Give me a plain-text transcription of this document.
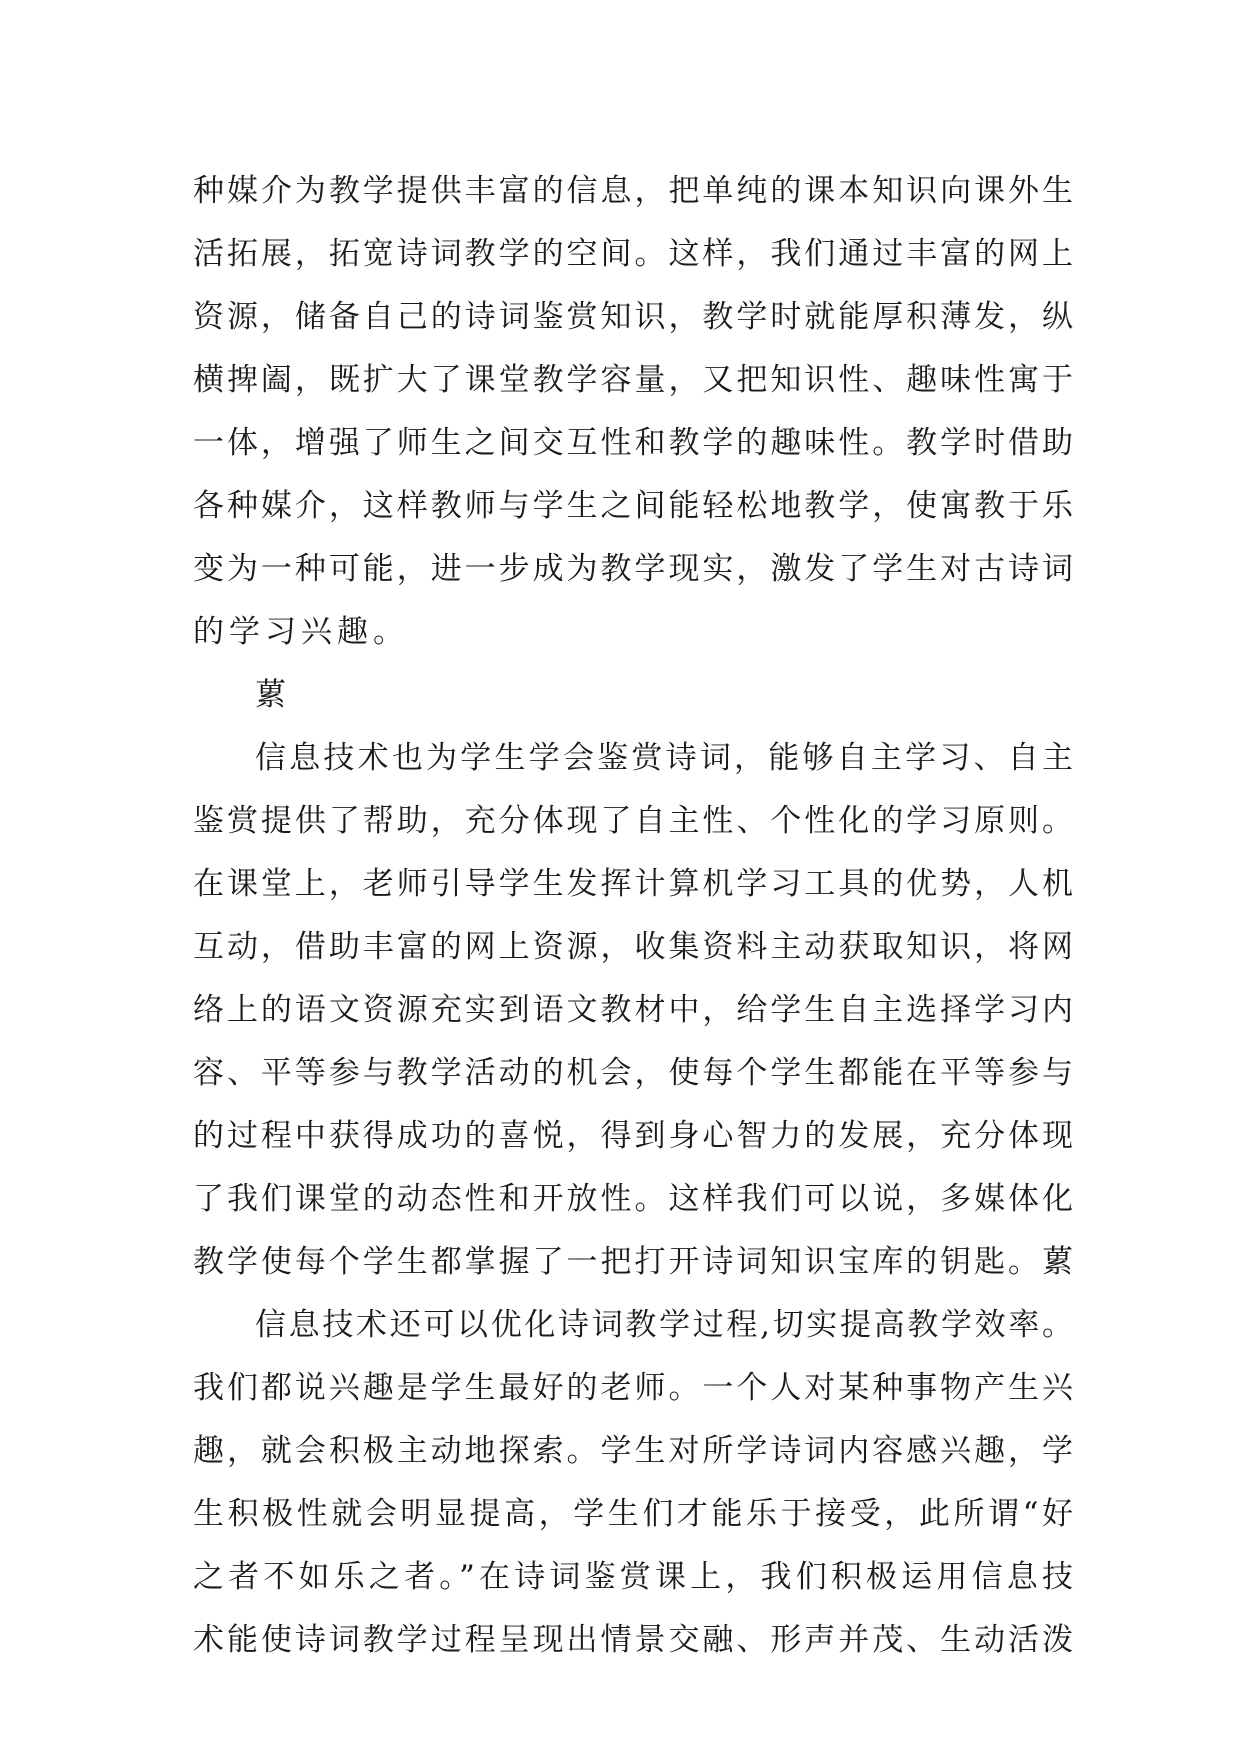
种媒介为教学提供丰富的信息，把单纯的课本知识向课外生
活拓展，拓宽诗词教学的空间。这样，我们通过丰富的网上
资源，储备自己的诗词鉴赏知识，教学时就能厚积薄发，纵
横捭阖，既扩大了课堂教学容量，又把知识性、趣味性寓于
一体，增强了师生之间交互性和教学的趣味性。教学时借助
各种媒介，这样教师与学生之间能轻松地教学，使寓教于乐
变为一种可能，进一步成为教学现实，激发了学生对古诗词
的学习兴趣。
蔂
信息技术也为学生学会鉴赏诗词，能够自主学习、自主
鉴赏提供了帮助，充分体现了自主性、个性化的学习原则。
在课堂上，老师引导学生发挥计算机学习工具的优势，人机
互动，借助丰富的网上资源，收集资料主动获取知识，将网
络上的语文资源充实到语文教材中，给学生自主选择学习内
容、平等参与教学活动的机会，使每个学生都能在平等参与
的过程中获得成功的喜悦，得到身心智力的发展，充分体现
了我们课堂的动态性和开放性。这样我们可以说，多媒体化
教学使每个学生都掌握了一把打开诗词知识宝库的钥匙。蔂
信息技术还可以优化诗词教学过程,切实提高教学效率。
我们都说兴趣是学生最好的老师。一个人对某种事物产生兴
趣，就会积极主动地探索。学生对所学诗词内容感兴趣，学
生积极性就会明显提高，学生们才能乐于接受，此所谓“好
之者不如乐之者。”在诗词鉴赏课上，我们积极运用信息技
术能使诗词教学过程呈现出情景交融、形声并茂、生动活泼
